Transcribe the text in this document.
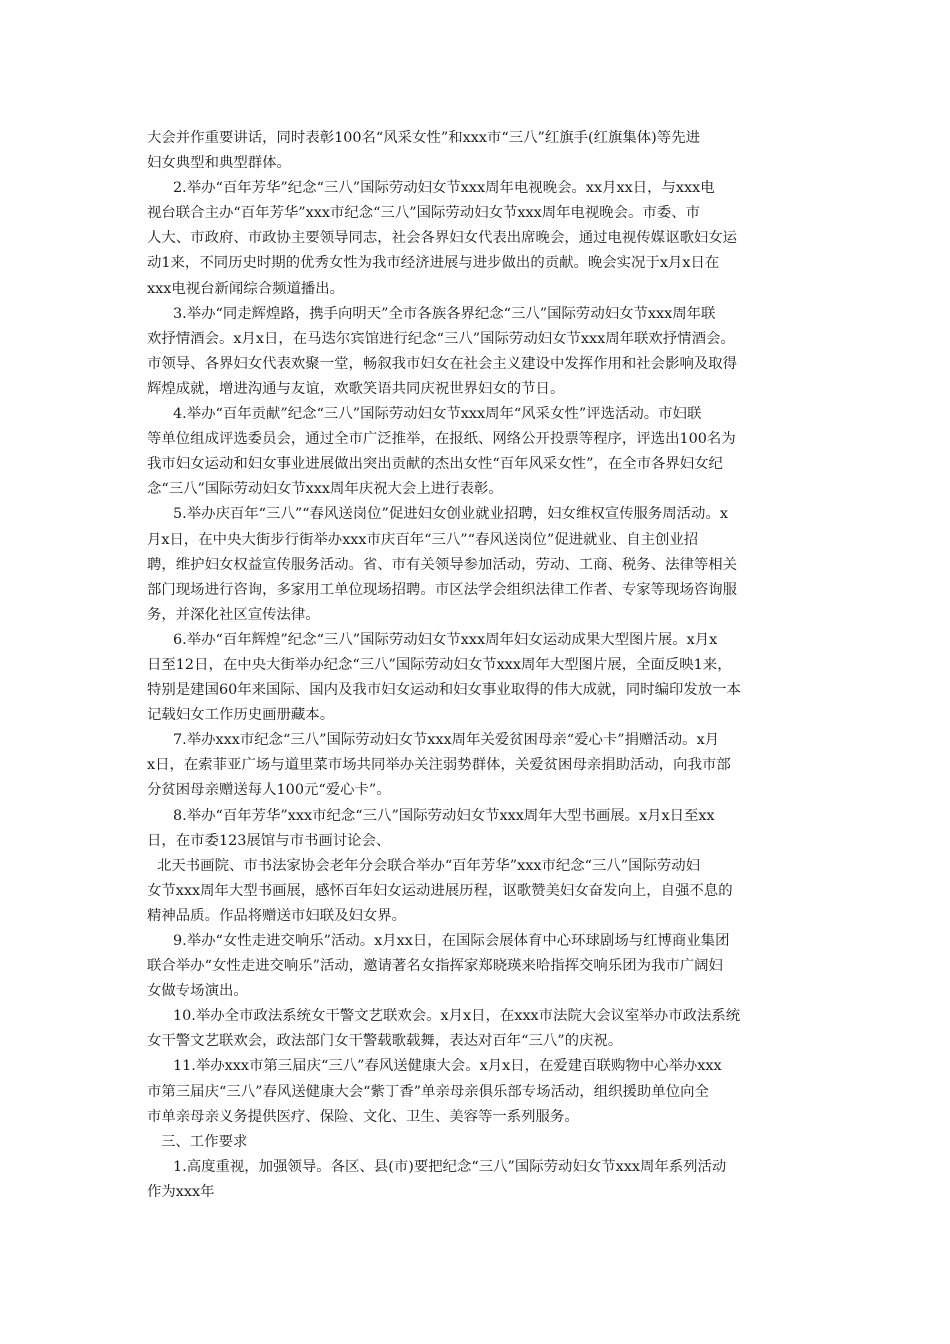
大会并作重要讲话，同时表彰100名“风采女性”和xxx市“三八”红旗手(红旗集体)等先进
妇女典型和典型群体。
2.举办“百年芳华”纪念“三八”国际劳动妇女节xxx周年电视晚会。xx月xx日，与xxx电
视台联合主办“百年芳华”xxx市纪念“三八”国际劳动妇女节xxx周年电视晚会。市委、市
人大、市政府、市政协主要领导同志，社会各界妇女代表出席晚会，通过电视传媒讴歌妇女运
动1来，不同历史时期的优秀女性为我市经济进展与进步做出的贡献。晚会实况于x月x日在
xxx电视台新闻综合频道播出。
3.举办“同走辉煌路，携手向明天”全市各族各界纪念“三八”国际劳动妇女节xxx周年联
欢抒情酒会。x月x日，在马迭尔宾馆进行纪念“三八”国际劳动妇女节xxx周年联欢抒情酒会。
市领导、各界妇女代表欢聚一堂，畅叙我市妇女在社会主义建设中发挥作用和社会影响及取得
辉煌成就，增进沟通与友谊，欢歌笑语共同庆祝世界妇女的节日。
4.举办“百年贡献”纪念“三八”国际劳动妇女节xxx周年“风采女性”评选活动。市妇联
等单位组成评选委员会，通过全市广泛推举，在报纸、网络公开投票等程序，评选出100名为
我市妇女运动和妇女事业进展做出突出贡献的杰出女性“百年风采女性”，在全市各界妇女纪
念“三八”国际劳动妇女节xxx周年庆祝大会上进行表彰。
5.举办庆百年“三八”“春风送岗位”促进妇女创业就业招聘，妇女维权宣传服务周活动。x
月x日，在中央大街步行街举办xxx市庆百年“三八”“春风送岗位”促进就业、自主创业招
聘，维护妇女权益宣传服务活动。省、市有关领导参加活动，劳动、工商、税务、法律等相关
部门现场进行咨询，多家用工单位现场招聘。市区法学会组织法律工作者、专家等现场咨询服
务，并深化社区宣传法律。
6.举办“百年辉煌”纪念“三八”国际劳动妇女节xxx周年妇女运动成果大型图片展。x月x
日至12日，在中央大街举办纪念“三八”国际劳动妇女节xxx周年大型图片展，全面反映1来，
特别是建国60年来国际、国内及我市妇女运动和妇女事业取得的伟大成就，同时编印发放一本
记载妇女工作历史画册藏本。
7.举办xxx市纪念“三八”国际劳动妇女节xxx周年关爱贫困母亲“爱心卡”捐赠活动。x月
x日，在索菲亚广场与道里菜市场共同举办关注弱势群体，关爱贫困母亲捐助活动，向我市部
分贫困母亲赠送每人100元“爱心卡”。
8.举办“百年芳华”xxx市纪念“三八”国际劳动妇女节xxx周年大型书画展。x月x日至xx
日，在市委123展馆与市书画讨论会、
北天书画院、市书法家协会老年分会联合举办“百年芳华”xxx市纪念“三八”国际劳动妇
女节xxx周年大型书画展，感怀百年妇女运动进展历程，讴歌赞美妇女奋发向上，自强不息的
精神品质。作品将赠送市妇联及妇女界。
9.举办“女性走进交响乐”活动。x月xx日，在国际会展体育中心环球剧场与红博商业集团
联合举办“女性走进交响乐”活动，邀请著名女指挥家郑晓瑛来哈指挥交响乐团为我市广阔妇
女做专场演出。
10.举办全市政法系统女干警文艺联欢会。x月x日，在xxx市法院大会议室举办市政法系统
女干警文艺联欢会，政法部门女干警载歌载舞，表达对百年“三八”的庆祝。
11.举办xxx市第三届庆“三八”春风送健康大会。x月x日，在爱建百联购物中心举办xxx
市第三届庆“三八”春风送健康大会“紫丁香”单亲母亲俱乐部专场活动，组织援助单位向全
市单亲母亲义务提供医疗、保险、文化、卫生、美容等一系列服务。
三、工作要求
1.高度重视，加强领导。各区、县(市)要把纪念“三八”国际劳动妇女节xxx周年系列活动
作为xxx年
